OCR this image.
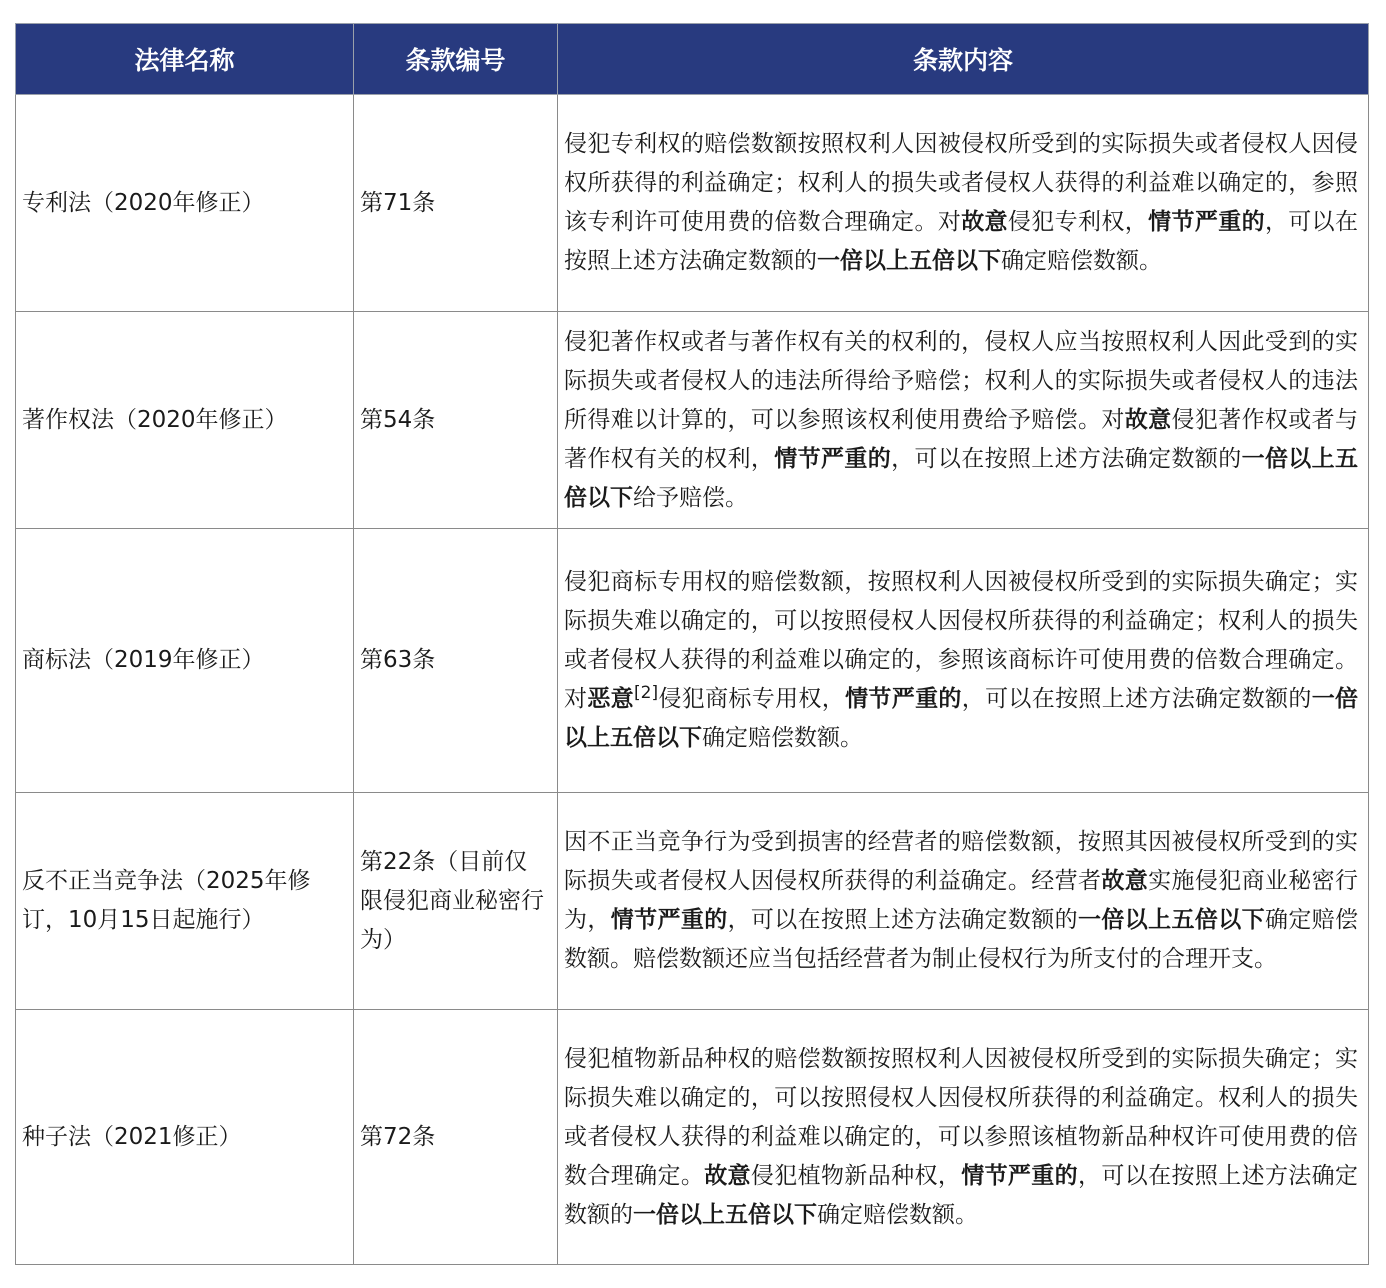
法律名称	条款编号	条款内容
专利法（2020年修正）	第71条	侵犯专利权的赔偿数额按照权利人因被侵权所受到的实际损失或者侵权人因侵权所获得的利益确定；权利人的损失或者侵权人获得的利益难以确定的，参照该专利许可使用费的倍数合理确定。对故意侵犯专利权，情节严重的，可以在按照上述方法确定数额的一倍以上五倍以下确定赔偿数额。
著作权法（2020年修正）	第54条	侵犯著作权或者与著作权有关的权利的，侵权人应当按照权利人因此受到的实际损失或者侵权人的违法所得给予赔偿；权利人的实际损失或者侵权人的违法所得难以计算的，可以参照该权利使用费给予赔偿。对故意侵犯著作权或者与著作权有关的权利，情节严重的，可以在按照上述方法确定数额的一倍以上五倍以下给予赔偿。
商标法（2019年修正）	第63条	侵犯商标专用权的赔偿数额，按照权利人因被侵权所受到的实际损失确定；实际损失难以确定的，可以按照侵权人因侵权所获得的利益确定；权利人的损失或者侵权人获得的利益难以确定的，参照该商标许可使用费的倍数合理确定。对恶意[2]侵犯商标专用权，情节严重的，可以在按照上述方法确定数额的一倍以上五倍以下确定赔偿数额。
反不正当竞争法（2025年修订，10月15日起施行）	第22条（目前仅限侵犯商业秘密行为）	因不正当竞争行为受到损害的经营者的赔偿数额，按照其因被侵权所受到的实际损失或者侵权人因侵权所获得的利益确定。经营者故意实施侵犯商业秘密行为，情节严重的，可以在按照上述方法确定数额的一倍以上五倍以下确定赔偿数额。赔偿数额还应当包括经营者为制止侵权行为所支付的合理开支。
种子法（2021修正）	第72条	侵犯植物新品种权的赔偿数额按照权利人因被侵权所受到的实际损失确定；实际损失难以确定的，可以按照侵权人因侵权所获得的利益确定。权利人的损失或者侵权人获得的利益难以确定的，可以参照该植物新品种权许可使用费的倍数合理确定。故意侵犯植物新品种权，情节严重的，可以在按照上述方法确定数额的一倍以上五倍以下确定赔偿数额。
